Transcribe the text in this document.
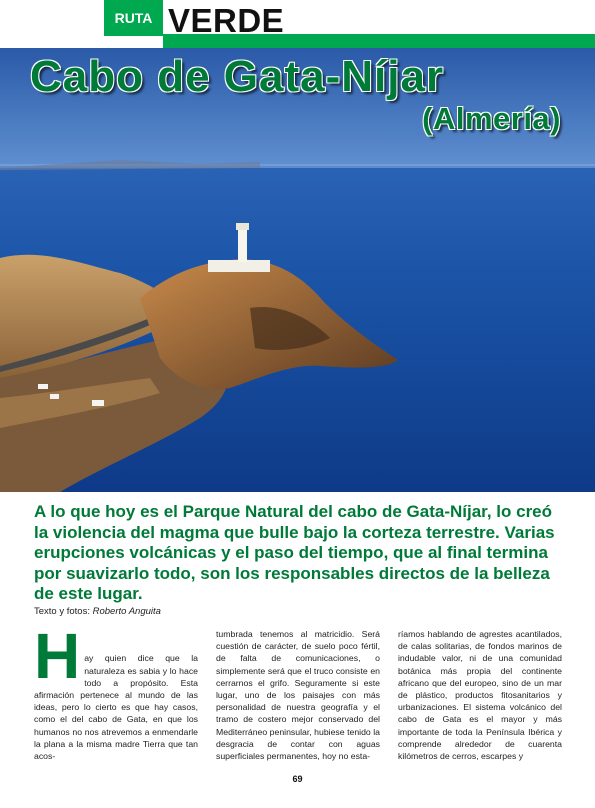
RUTA VERDE
Cabo de Gata-Níjar
(Almería)

A lo que hoy es el Parque Natural del cabo de Gata-Níjar, lo creó la violencia del magma que bulle bajo la corteza terrestre. Varias erupciones volcánicas y el paso del tiempo, que al final termina por suavizarlo todo, son los responsables directos de la belleza de este lugar.

Texto y fotos: Roberto Anguita

Hay quien dice que la naturaleza es sabia y lo hace todo a propósito. Esta afirmación pertenece al mundo de las ideas, pero lo cierto es que hay casos, como el del cabo de Gata, en que los humanos no nos atrevemos a enmendarle la plana a la misma madre Tierra que tan acos-

tumbrada tenemos al matricidio. Será cuestión de carácter, de suelo poco fértil, de falta de comunicaciones, o simplemente será que el truco consiste en cerrarnos el grifo. Seguramente si este lugar, uno de los paisajes con más personalidad de nuestra geografía y el tramo de costero mejor conservado del Mediterráneo peninsular, hubiese tenido la desgracia de contar con aguas superficiales permanentes, hoy no esta-

ríamos hablando de agrestes acantilados, de calas solitarias, de fondos marinos de indudable valor, ni de una comunidad botánica más propia del continente africano que del europeo, sino de un mar de plástico, productos fitosanitarios y urbanizaciones. El sistema volcánico del cabo de Gata es el mayor y más importante de toda la Península Ibérica y comprende alrededor de cuarenta kilómetros de cerros, escarpes y

69
